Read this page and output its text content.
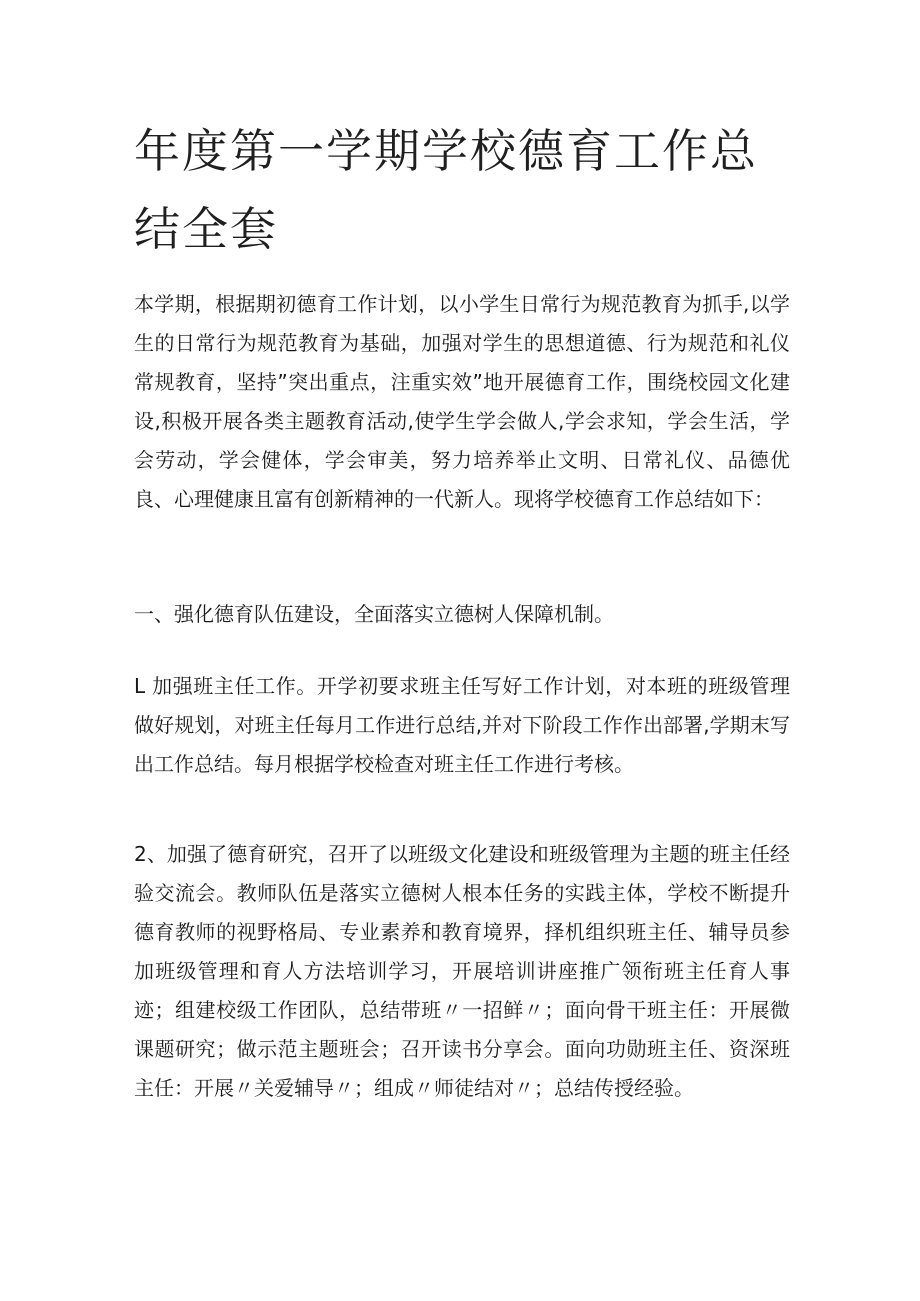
年度第一学期学校德育工作总结全套

本学期，根据期初德育工作计划，以小学生日常行为规范教育为抓手,以学生的日常行为规范教育为基础，加强对学生的思想道德、行为规范和礼仪常规教育，坚持”突出重点，注重实效”地开展德育工作，围绕校园文化建设,积极开展各类主题教育活动,使学生学会做人,学会求知，学会生活，学会劳动，学会健体，学会审美，努力培养举止文明、日常礼仪、品德优良、心理健康且富有创新精神的一代新人。现将学校德育工作总结如下：

一、强化德育队伍建设，全面落实立德树人保障机制。

L 加强班主任工作。开学初要求班主任写好工作计划，对本班的班级管理做好规划，对班主任每月工作进行总结,并对下阶段工作作出部署,学期末写出工作总结。每月根据学校检查对班主任工作进行考核。

2、加强了德育研究，召开了以班级文化建设和班级管理为主题的班主任经验交流会。教师队伍是落实立德树人根本任务的实践主体，学校不断提升德育教师的视野格局、专业素养和教育境界，择机组织班主任、辅导员参加班级管理和育人方法培训学习，开展培训讲座推广领衔班主任育人事迹；组建校级工作团队，总结带班〃一招鲜〃；面向骨干班主任：开展微课题研究；做示范主题班会；召开读书分享会。面向功勋班主任、资深班主任：开展〃关爱辅导〃；组成〃师徒结对〃；总结传授经验。
